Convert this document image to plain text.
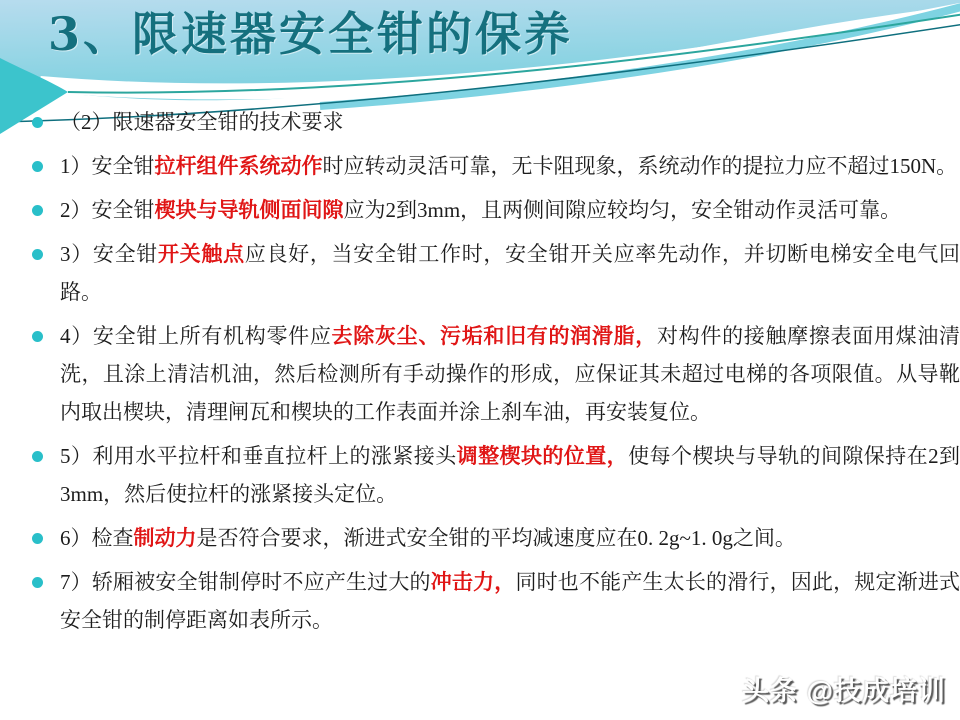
3、限速器安全钳的保养
（2）限速器安全钳的技术要求
1）安全钳拉杆组件系统动作时应转动灵活可靠，无卡阻现象，系统动作的提拉力应不超过150N。
2）安全钳楔块与导轨侧面间隙应为2到3mm，且两侧间隙应较均匀，安全钳动作灵活可靠。
3）安全钳开关触点应良好，当安全钳工作时，安全钳开关应率先动作，并切断电梯安全电气回路。
4）安全钳上所有机构零件应去除灰尘、污垢和旧有的润滑脂，对构件的接触摩擦表面用煤油清洗，且涂上清洁机油，然后检测所有手动操作的形成，应保证其未超过电梯的各项限值。从导靴内取出楔块，清理闸瓦和楔块的工作表面并涂上刹车油，再安装复位。
5）利用水平拉杆和垂直拉杆上的涨紧接头调整楔块的位置，使每个楔块与导轨的间隙保持在2到3mm，然后使拉杆的涨紧接头定位。
6）检查制动力是否符合要求，渐进式安全钳的平均减速度应在0. 2g~1. 0g之间。
7）轿厢被安全钳制停时不应产生过大的冲击力，同时也不能产生太长的滑行，因此，规定渐进式安全钳的制停距离如表所示。
头条 @技成培训
